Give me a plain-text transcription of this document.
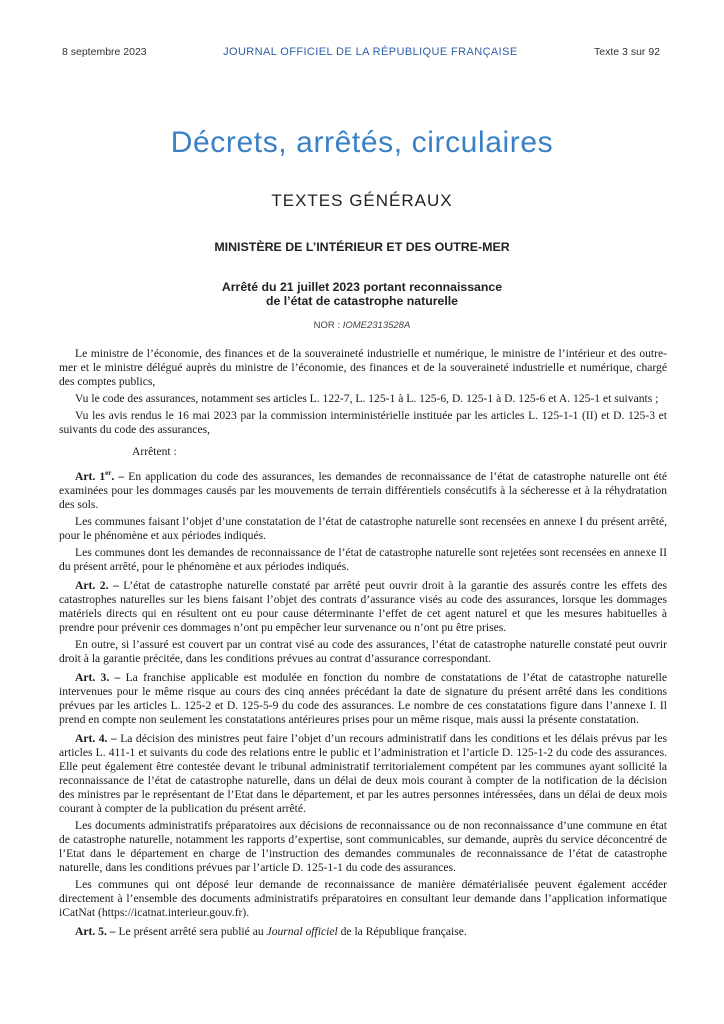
8 septembre 2023	JOURNAL OFFICIEL DE LA RÉPUBLIQUE FRANÇAISE	Texte 3 sur 92
Décrets, arrêtés, circulaires
TEXTES GÉNÉRAUX
MINISTÈRE DE L’INTÉRIEUR ET DES OUTRE-MER
Arrêté du 21 juillet 2023 portant reconnaissance
de l’état de catastrophe naturelle
NOR : IOME2313528A

Le ministre de l’économie, des finances et de la souveraineté industrielle et numérique, le ministre de l’intérieur et des outre-mer et le ministre délégué auprès du ministre de l’économie, des finances et de la souveraineté industrielle et numérique, chargé des comptes publics,

Vu le code des assurances, notamment ses articles L. 122-7, L. 125-1 à L. 125-6, D. 125-1 à D. 125-6 et A. 125-1 et suivants ;

Vu les avis rendus le 16 mai 2023 par la commission interministérielle instituée par les articles L. 125-1-1 (II) et D. 125-3 et suivants du code des assurances,

Arrêtent :

Art. 1er. – En application du code des assurances, les demandes de reconnaissance de l’état de catastrophe naturelle ont été examinées pour les dommages causés par les mouvements de terrain différentiels consécutifs à la sécheresse et à la réhydratation des sols.

Les communes faisant l’objet d’une constatation de l’état de catastrophe naturelle sont recensées en annexe I du présent arrêté, pour le phénomène et aux périodes indiqués.

Les communes dont les demandes de reconnaissance de l’état de catastrophe naturelle sont rejetées sont recensées en annexe II du présent arrêté, pour le phénomène et aux périodes indiqués.

Art. 2. – L’état de catastrophe naturelle constaté par arrêté peut ouvrir droit à la garantie des assurés contre les effets des catastrophes naturelles sur les biens faisant l’objet des contrats d’assurance visés au code des assurances, lorsque les dommages matériels directs qui en résultent ont eu pour cause déterminante l’effet de cet agent naturel et que les mesures habituelles à prendre pour prévenir ces dommages n’ont pu empêcher leur survenance ou n’ont pu être prises.

En outre, si l’assuré est couvert par un contrat visé au code des assurances, l’état de catastrophe naturelle constaté peut ouvrir droit à la garantie précitée, dans les conditions prévues au contrat d’assurance correspondant.

Art. 3. – La franchise applicable est modulée en fonction du nombre de constatations de l’état de catastrophe naturelle intervenues pour le même risque au cours des cinq années précédant la date de signature du présent arrêté dans les conditions prévues par les articles L. 125-2 et D. 125-5-9 du code des assurances. Le nombre de ces constatations figure dans l’annexe I. Il prend en compte non seulement les constatations antérieures prises pour un même risque, mais aussi la présente constatation.

Art. 4. – La décision des ministres peut faire l’objet d’un recours administratif dans les conditions et les délais prévus par les articles L. 411-1 et suivants du code des relations entre le public et l’administration et l’article D. 125-1-2 du code des assurances. Elle peut également être contestée devant le tribunal administratif territorialement compétent par les communes ayant sollicité la reconnaissance de l’état de catastrophe naturelle, dans un délai de deux mois courant à compter de la notification de la décision des ministres par le représentant de l’Etat dans le département, et par les autres personnes intéressées, dans un délai de deux mois courant à compter de la publication du présent arrêté.

Les documents administratifs préparatoires aux décisions de reconnaissance ou de non reconnaissance d’une commune en état de catastrophe naturelle, notamment les rapports d’expertise, sont communicables, sur demande, auprès du service déconcentré de l’Etat dans le département en charge de l’instruction des demandes communales de reconnaissance de l’état de catastrophe naturelle, dans les conditions prévues par l’article D. 125-1-1 du code des assurances.

Les communes qui ont déposé leur demande de reconnaissance de manière dématérialisée peuvent également accéder directement à l’ensemble des documents administratifs préparatoires en consultant leur demande dans l’application informatique iCatNat (https://icatnat.interieur.gouv.fr).

Art. 5. – Le présent arrêté sera publié au Journal officiel de la République française.
